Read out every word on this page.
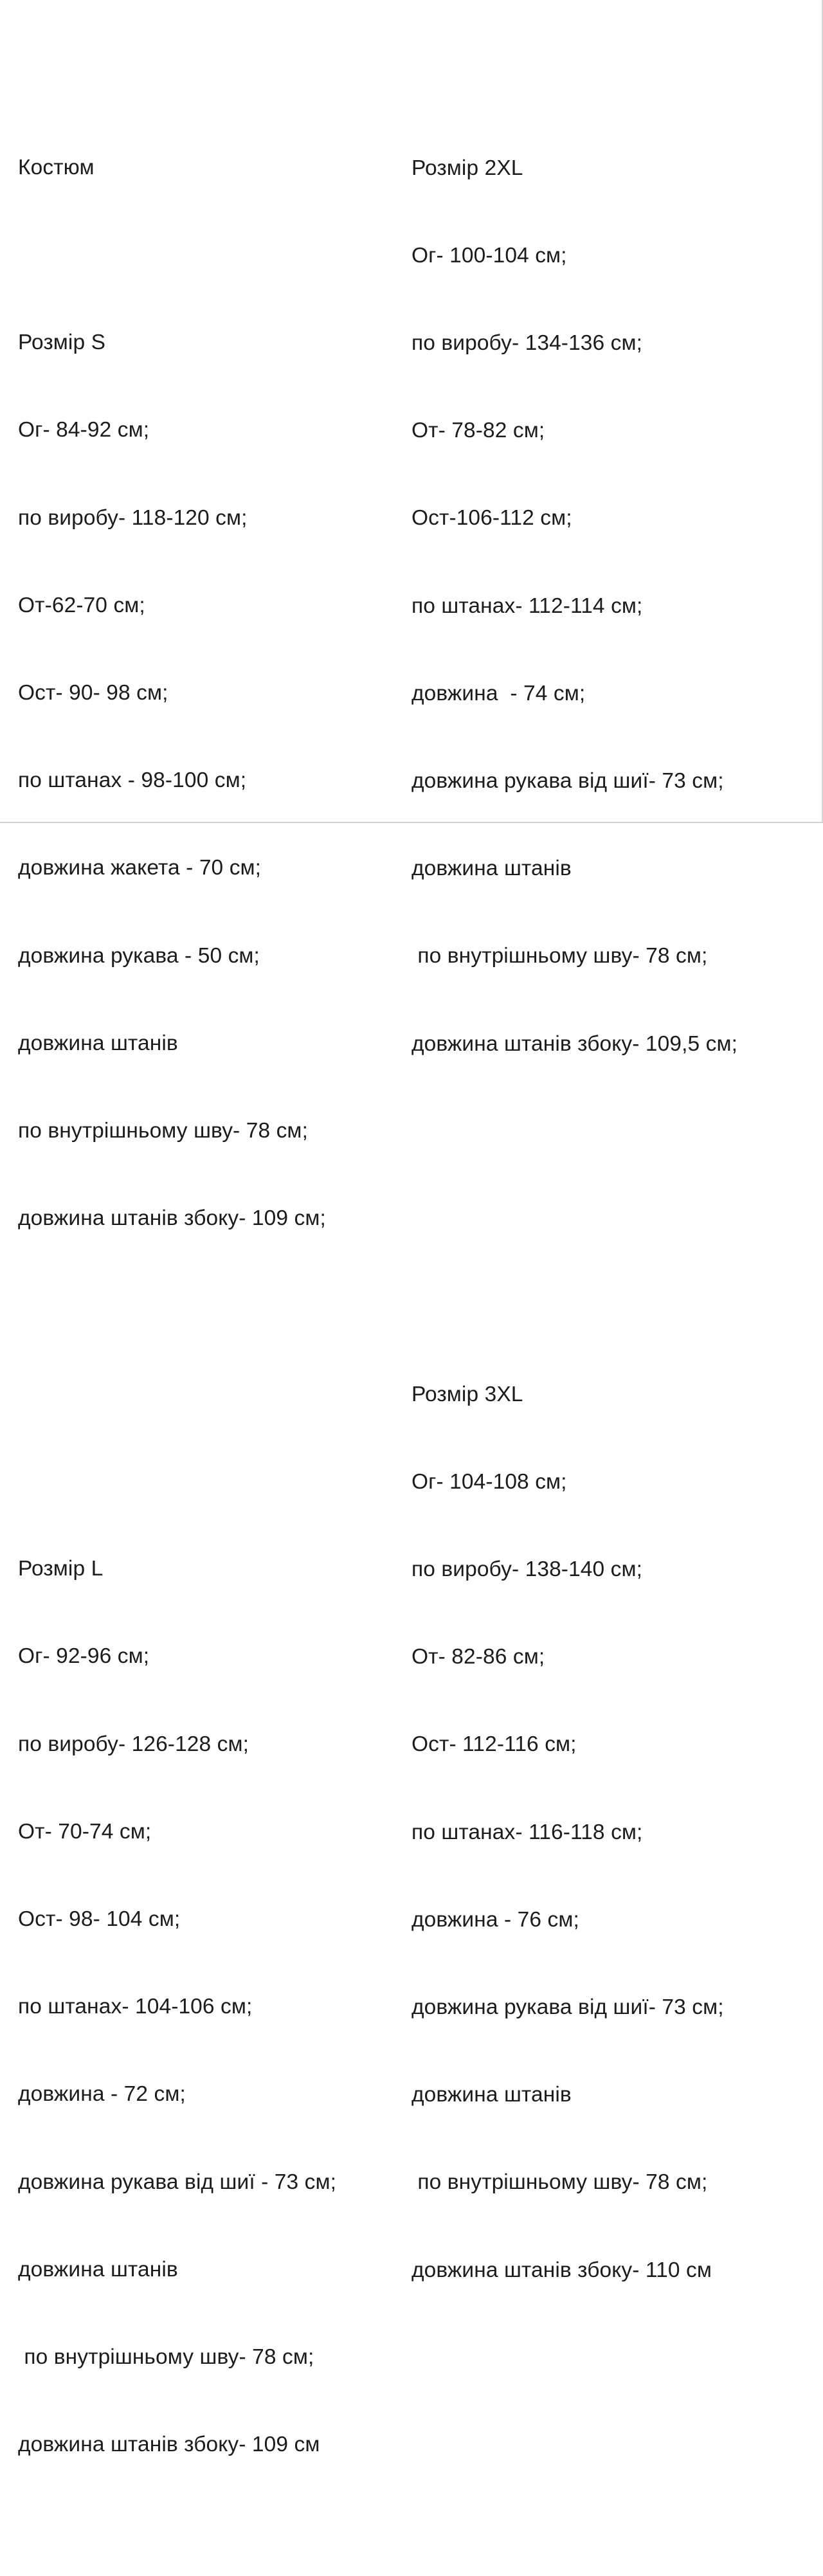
Костюм

Розмір S

Ог- 84-92 см;

по виробу- 118-120 см;

От-62-70 см;

Ост- 90- 98 см;

по штанах - 98-100 см;

довжина жакета - 70 см;

довжина рукава - 50 см;

довжина штанів

по внутрішньому шву- 78 см;

довжина штанів збоку- 109 см;

Розмір L

Ог- 92-96 см;

по виробу- 126-128 см;

От- 70-74 см;

Ост- 98- 104 см;

по штанах- 104-106 см;

довжина - 72 см;

довжина рукава від шиї - 73 см;

довжина штанів

по внутрішньому шву- 78 см;

довжина штанів збоку- 109 см

Розмір 2XL

Ог- 100-104 см;

по виробу- 134-136 см;

От- 78-82 см;

Ост-106-112 см;

по штанах- 112-114 см;

довжина  - 74 см;

довжина рукава від шиї- 73 см;

довжина штанів

по внутрішньому шву- 78 см;

довжина штанів збоку- 109,5 см;

Розмір 3XL

Ог- 104-108 см;

по виробу- 138-140 см;

От- 82-86 см;

Ост- 112-116 см;

по штанах- 116-118 см;

довжина - 76 см;

довжина рукава від шиї- 73 см;

довжина штанів

по внутрішньому шву- 78 см;

довжина штанів збоку- 110 см
